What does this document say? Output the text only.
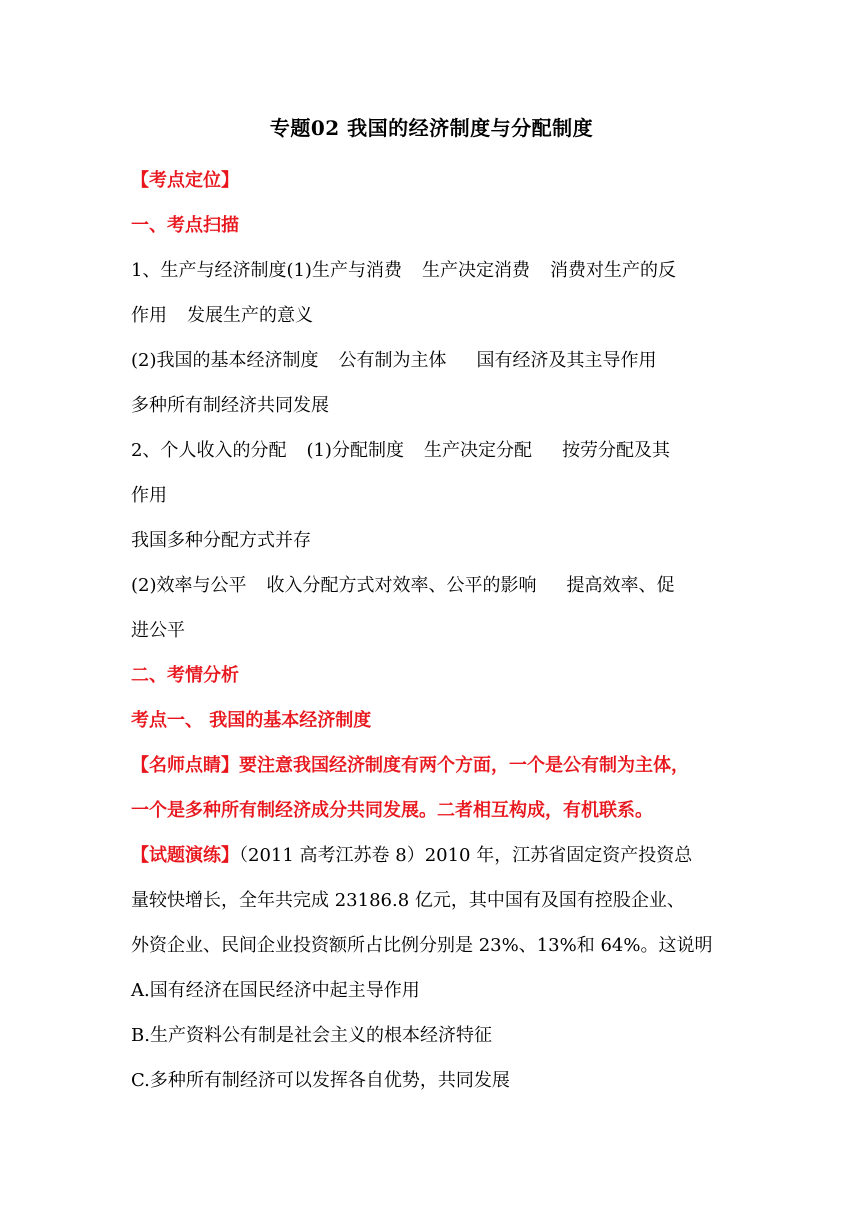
专题02 我国的经济制度与分配制度

【考点定位】

一、考点扫描

1、生产与经济制度(1)生产与消费 生产决定消费 消费对生产的反
作用 发展生产的意义

(2)我国的基本经济制度 公有制为主体 国有经济及其主导作用
多种所有制经济共同发展

2、个人收入的分配 (1)分配制度 生产决定分配 按劳分配及其
作用

我国多种分配方式并存

(2)效率与公平 收入分配方式对效率、公平的影响 提高效率、促
进公平

二、考情分析

考点一、 我国的基本经济制度

【名师点睛】要注意我国经济制度有两个方面，一个是公有制为主体，
一个是多种所有制经济成分共同发展。二者相互构成，有机联系。

【试题演练】（2011 高考江苏卷 8）2010 年，江苏省固定资产投资总
量较快增长，全年共完成 23186.8 亿元，其中国有及国有控股企业、
外资企业、民间企业投资额所占比例分别是 23%、13%和 64%。这说明

A.国有经济在国民经济中起主导作用

B.生产资料公有制是社会主义的根本经济特征

C.多种所有制经济可以发挥各自优势，共同发展
